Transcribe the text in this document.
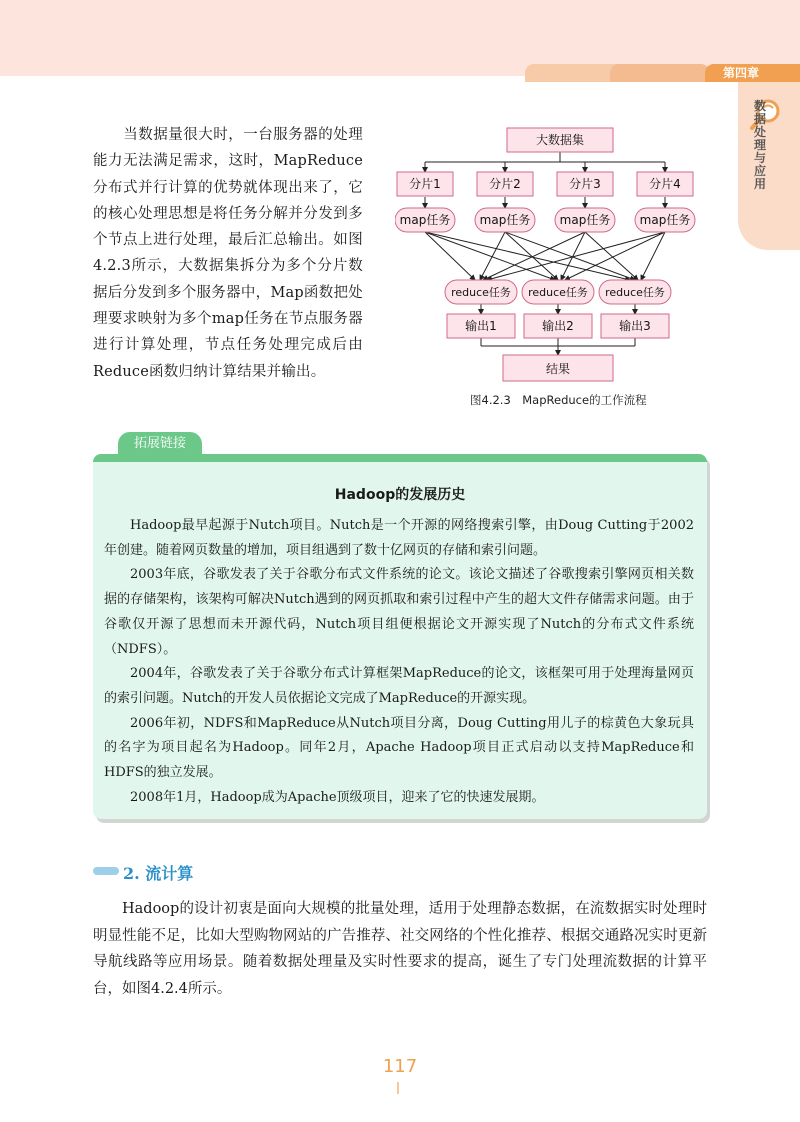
第四章
数据处理与应用
当数据量很大时，一台服务器的处理能力无法满足需求，这时，MapReduce分布式并行计算的优势就体现出来了，它的核心处理思想是将任务分解并分发到多个节点上进行处理，最后汇总输出。如图4.2.3所示，大数据集拆分为多个分片数据后分发到多个服务器中，Map函数把处理要求映射为多个map任务在节点服务器进行计算处理，节点任务处理完成后由Reduce函数归纳计算结果并输出。
大数据集
分片1	分片2	分片3	分片4
map任务 map任务 map任务 map任务
reduce任务 reduce任务 reduce任务
输出1	输出2	输出3
结果
图4.2.3　MapReduce的工作流程
拓展链接
Hadoop的发展历史

Hadoop最早起源于Nutch项目。Nutch是一个开源的网络搜索引擎，由Doug Cutting于2002年创建。随着网页数量的增加，项目组遇到了数十亿网页的存储和索引问题。

2003年底，谷歌发表了关于谷歌分布式文件系统的论文。该论文描述了谷歌搜索引擎网页相关数据的存储架构，该架构可解决Nutch遇到的网页抓取和索引过程中产生的超大文件存储需求问题。由于谷歌仅开源了思想而未开源代码，Nutch项目组便根据论文开源实现了Nutch的分布式文件系统（NDFS）。

2004年，谷歌发表了关于谷歌分布式计算框架MapReduce的论文，该框架可用于处理海量网页的索引问题。Nutch的开发人员依据论文完成了MapReduce的开源实现。

2006年初，NDFS和MapReduce从Nutch项目分离，Doug Cutting用儿子的棕黄色大象玩具的名字为项目起名为Hadoop。同年2月，Apache Hadoop项目正式启动以支持MapReduce和HDFS的独立发展。

2008年1月，Hadoop成为Apache顶级项目，迎来了它的快速发展期。

2. 流计算

Hadoop的设计初衷是面向大规模的批量处理，适用于处理静态数据，在流数据实时处理时明显性能不足，比如大型购物网站的广告推荐、社交网络的个性化推荐、根据交通路况实时更新导航线路等应用场景。随着数据处理量及实时性要求的提高，诞生了专门处理流数据的计算平台，如图4.2.4所示。

117
